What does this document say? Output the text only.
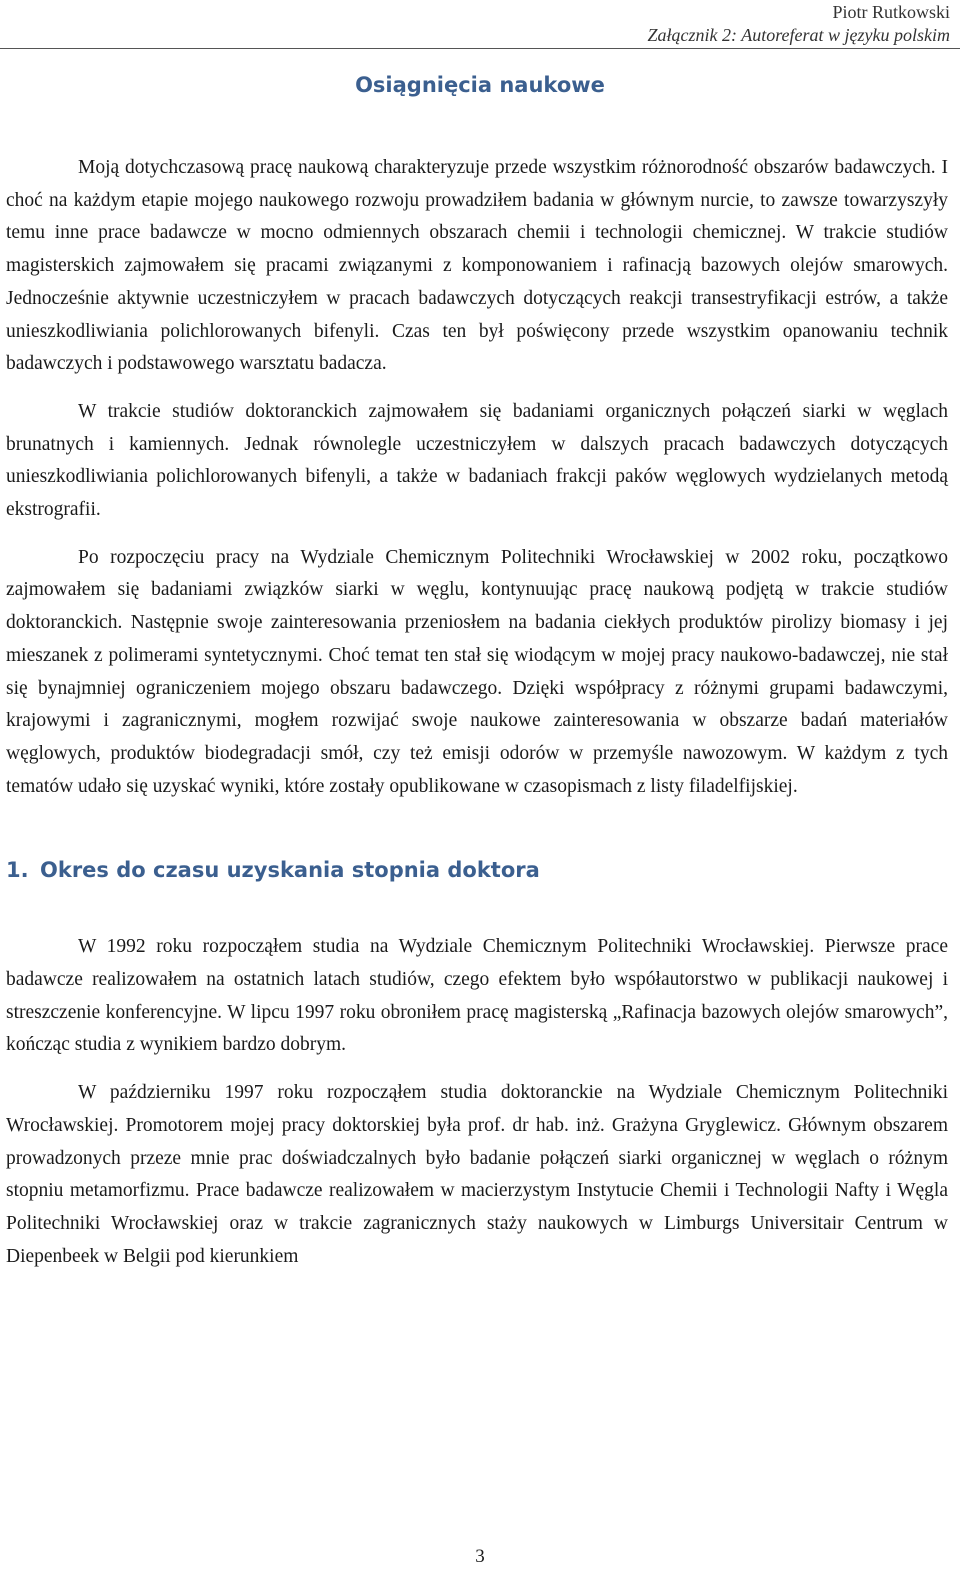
Piotr Rutkowski
Załącznik 2: Autoreferat w języku polskim
Osiągnięcia naukowe

Moją dotychczasową pracę naukową charakteryzuje przede wszystkim różnorodność obszarów badawczych. I choć na każdym etapie mojego naukowego rozwoju prowadziłem badania w głównym nurcie, to zawsze towarzyszyły temu inne prace badawcze w mocno odmiennych obszarach chemii i technologii chemicznej. W trakcie studiów magisterskich zajmowałem się pracami związanymi z komponowaniem i rafinacją bazowych olejów smarowych. Jednocześnie aktywnie uczestniczyłem w pracach badawczych dotyczących reakcji transestryfikacji estrów, a także unieszkodliwiania polichlorowanych bifenyli. Czas ten był poświęcony przede wszystkim opanowaniu technik badawczych i podstawowego warsztatu badacza.

W trakcie studiów doktoranckich zajmowałem się badaniami organicznych połączeń siarki w węglach brunatnych i kamiennych. Jednak równolegle uczestniczyłem w dalszych pracach badawczych dotyczących unieszkodliwiania polichlorowanych bifenyli, a także w badaniach frakcji paków węglowych wydzielanych metodą ekstrografii.

Po rozpoczęciu pracy na Wydziale Chemicznym Politechniki Wrocławskiej w 2002 roku, początkowo zajmowałem się badaniami związków siarki w węglu, kontynuując pracę naukową podjętą w trakcie studiów doktoranckich. Następnie swoje zainteresowania przeniosłem na badania ciekłych produktów pirolizy biomasy i jej mieszanek z polimerami syntetycznymi. Choć temat ten stał się wiodącym w mojej pracy naukowo-badawczej, nie stał się bynajmniej ograniczeniem mojego obszaru badawczego. Dzięki współpracy z różnymi grupami badawczymi, krajowymi i zagranicznymi, mogłem rozwijać swoje naukowe zainteresowania w obszarze badań materiałów węglowych, produktów biodegradacji smół, czy też emisji odorów w przemyśle nawozowym. W każdym z tych tematów udało się uzyskać wyniki, które zostały opublikowane w czasopismach z listy filadelfijskiej.

1. Okres do czasu uzyskania stopnia doktora

W 1992 roku rozpocząłem studia na Wydziale Chemicznym Politechniki Wrocławskiej. Pierwsze prace badawcze realizowałem na ostatnich latach studiów, czego efektem było współautorstwo w publikacji naukowej i streszczenie konferencyjne. W lipcu 1997 roku obroniłem pracę magisterską „Rafinacja bazowych olejów smarowych”, kończąc studia z wynikiem bardzo dobrym.

W październiku 1997 roku rozpocząłem studia doktoranckie na Wydziale Chemicznym Politechniki Wrocławskiej. Promotorem mojej pracy doktorskiej była prof. dr hab. inż. Grażyna Gryglewicz. Głównym obszarem prowadzonych przeze mnie prac doświadczalnych było badanie połączeń siarki organicznej w węglach o różnym stopniu metamorfizmu. Prace badawcze realizowałem w macierzystym Instytucie Chemii i Technologii Nafty i Węgla Politechniki Wrocławskiej oraz w trakcie zagranicznych staży naukowych w Limburgs Universitair Centrum w Diepenbeek w Belgii pod kierunkiem

3
